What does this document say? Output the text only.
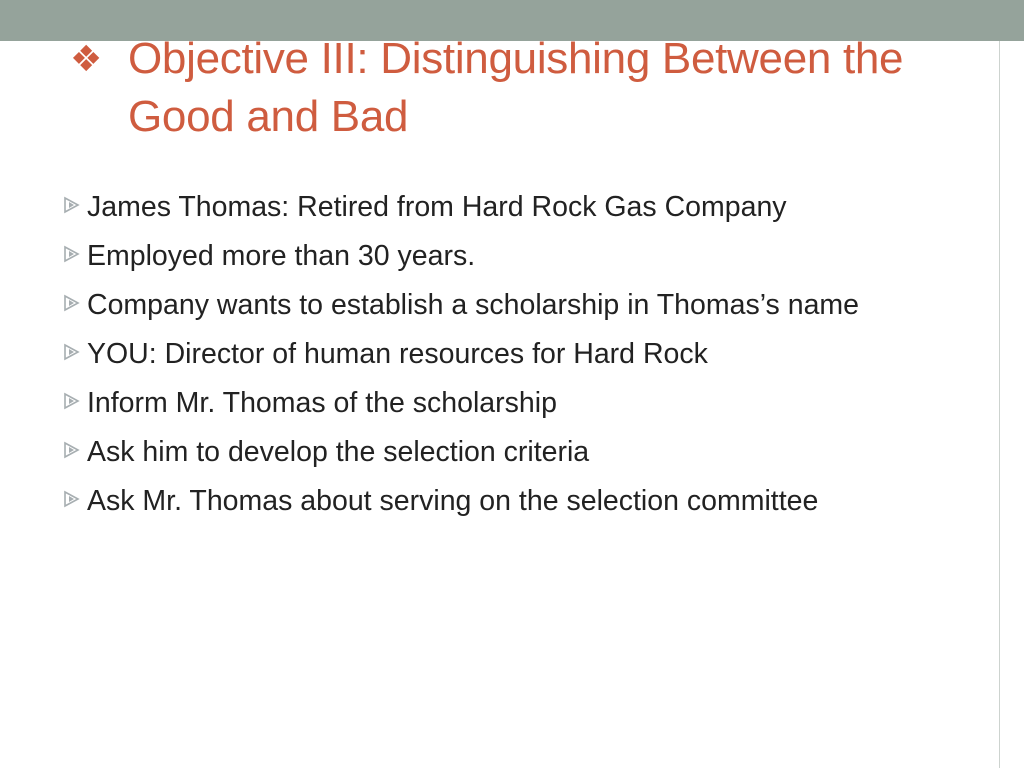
❖ Objective III: Distinguishing Between the Good and Bad
James Thomas: Retired from Hard Rock Gas Company
Employed more than 30 years.
Company wants to establish a scholarship in Thomas’s name
YOU: Director of human resources for Hard Rock
Inform Mr. Thomas of the scholarship
Ask him to develop the selection criteria
Ask Mr. Thomas about serving on the selection committee
